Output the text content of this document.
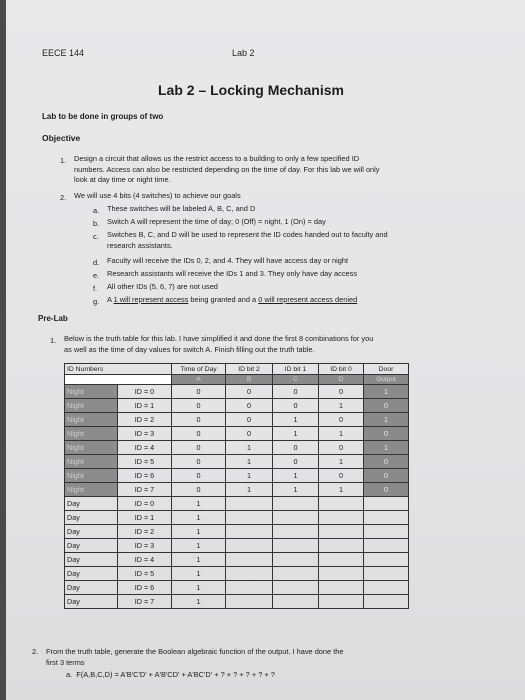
EECE 144	Lab 2
Lab 2 – Locking Mechanism
Lab to be done in groups of two
Objective
1. Design a circuit that allows us the restrict access to a building to only a few specified ID
numbers. Access can also be restricted depending on the time of day. For this lab we will only
look at day time or night time.
2. We will use 4 bits (4 switches) to achieve our goals
a. These switches will be labeled A, B, C, and D
b. Switch A will represent the time of day; 0 (Off) = night, 1 (On) = day
c. Switches B, C, and D will be used to represent the ID codes handed out to faculty and
research assistants.
d. Faculty will receive the IDs 0, 2, and 4. They will have access day or night
e. Research assistants will receive the IDs 1 and 3. They only have day access
f. All other IDs (5, 6, 7) are not used
g. A 1 will represent access being granted and a 0 will represent access denied
Pre-Lab
1. Below is the truth table for this lab. I have simplified it and done the first 8 combinations for you
as well as the time of day values for switch A. Finish filling out the truth table.
ID Numbers		Time of Day	ID bit 2	ID bit 1	ID bit 0	Door
		A	B	C	D	Output
Night	ID = 0	0	0	0	0	1
Night	ID = 1	0	0	0	1	0
Night	ID = 2	0	0	1	0	1
Night	ID = 3	0	0	1	1	0
Night	ID = 4	0	1	0	0	1
Night	ID = 5	0	1	0	1	0
Night	ID = 6	0	1	1	0	0
Night	ID = 7	0	1	1	1	0
Day	ID = 0	1				
Day	ID = 1	1				
Day	ID = 2	1				
Day	ID = 3	1				
Day	ID = 4	1				
Day	ID = 5	1				
Day	ID = 6	1				
Day	ID = 7	1				
2. From the truth table, generate the Boolean algebraic function of the output. I have done the
first 3 terms
a. F(A,B,C,D) = A'B'C'D' + A'B'CD' + A'BC'D' + ? + ? + ? + ? + ?
